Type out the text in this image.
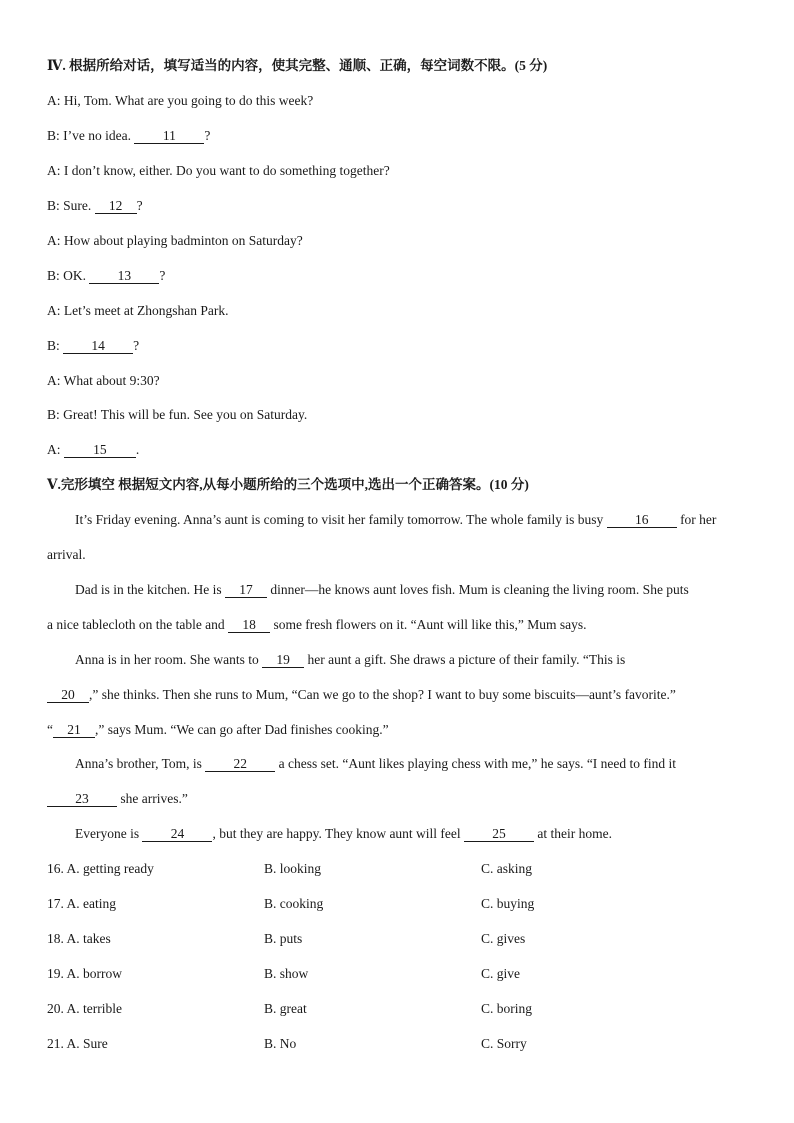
Ⅳ. 根据所给对话，填写适当的内容，使其完整、通顺、正确，每空词数不限。(5 分)
A: Hi, Tom. What are you going to do this week?
B: I’ve no idea. 11 ?
A: I don’t know, either. Do you want to do something together?
B: Sure. 12 ?
A: How about playing badminton on Saturday?
B: OK. 13 ?
A: Let’s meet at Zhongshan Park.
B: 14 ?
A: What about 9:30?
B: Great! This will be fun. See you on Saturday.
A: 15 .
Ⅴ.完形填空 根据短文内容,从每小题所给的三个选项中,选出一个正确答案。(10 分)
It’s Friday evening. Anna’s aunt is coming to visit her family tomorrow. The whole family is busy 16 for her
arrival.
Dad is in the kitchen. He is 17 dinner—he knows aunt loves fish. Mum is cleaning the living room. She puts
a nice tablecloth on the table and 18 some fresh flowers on it. “Aunt will like this,” Mum says.
Anna is in her room. She wants to 19 her aunt a gift. She draws a picture of their family. “This is
20 ,” she thinks. Then she runs to Mum, “Can we go to the shop? I want to buy some biscuits—aunt’s favorite.”
“ 21 ,” says Mum. “We can go after Dad finishes cooking.”
Anna’s brother, Tom, is 22 a chess set. “Aunt likes playing chess with me,” he says. “I need to find it
23 she arrives.”
Everyone is 24 , but they are happy. They know aunt will feel 25 at their home.
16. A. getting ready	B. looking	C. asking
17. A. eating	B. cooking	C. buying
18. A. takes	B. puts	C. gives
19. A. borrow	B. show	C. give
20. A. terrible	B. great	C. boring
21. A. Sure	B. No	C. Sorry
